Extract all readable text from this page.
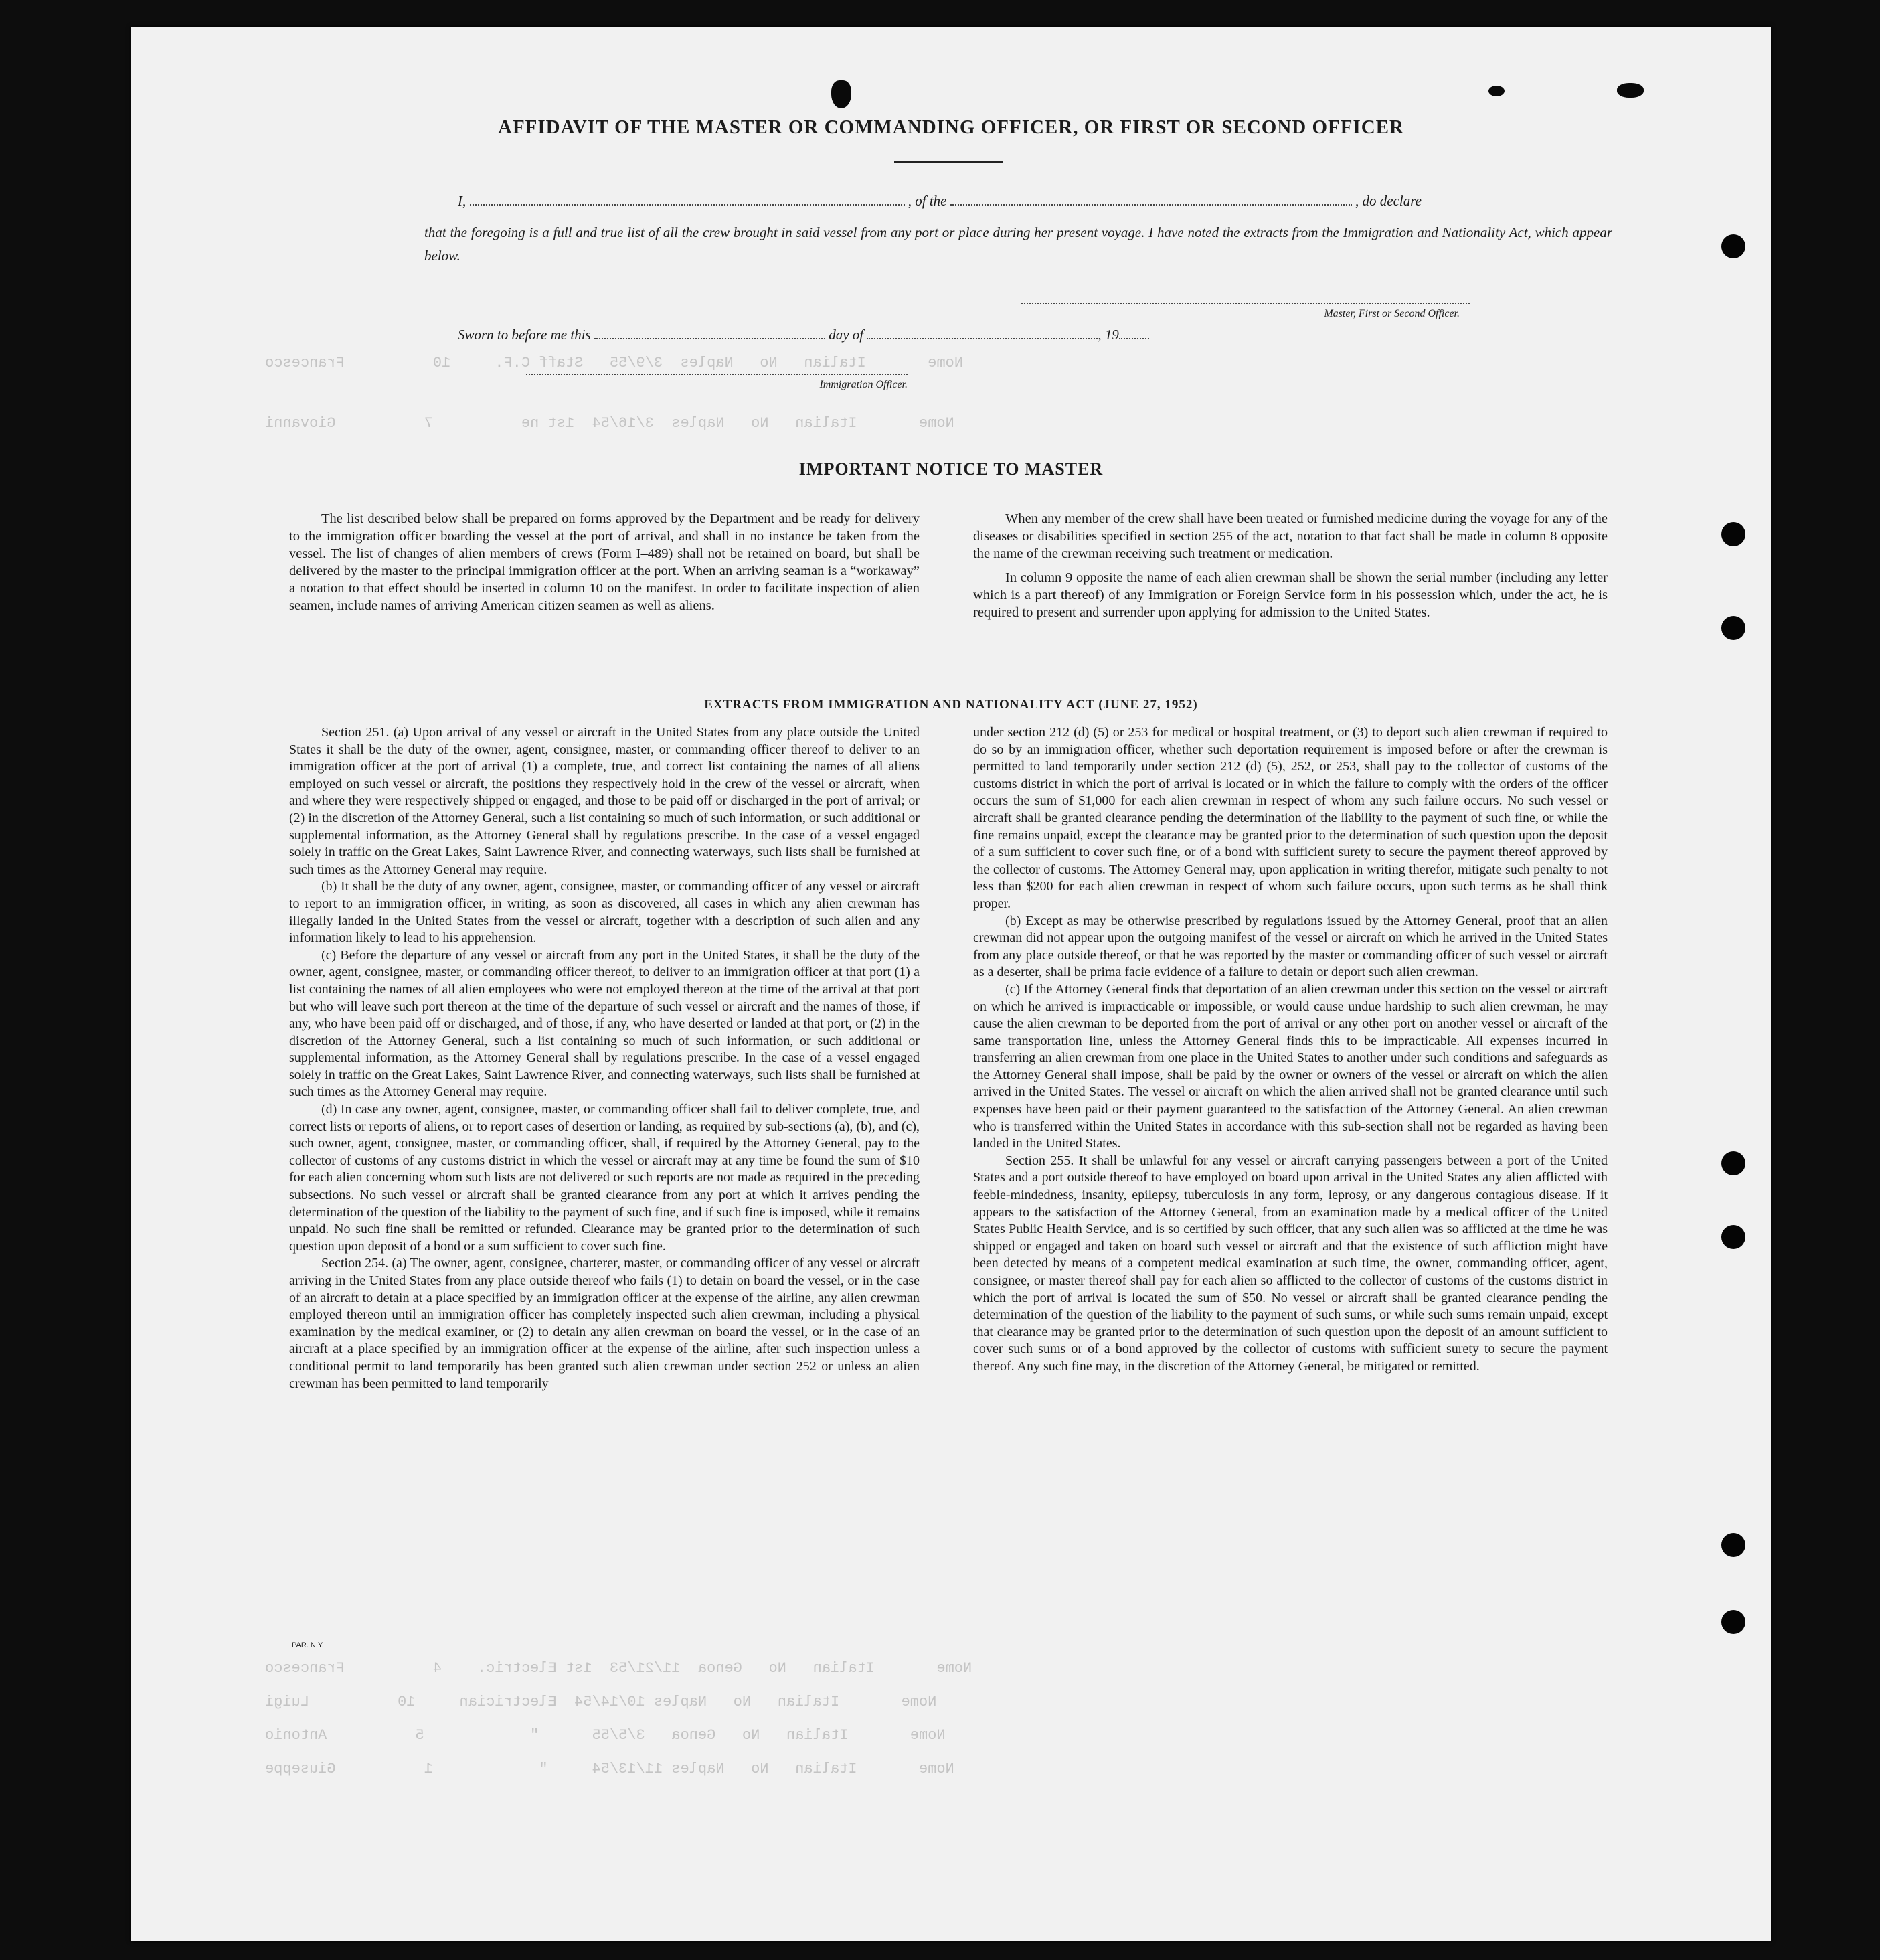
Nome       Italian   No   Naples  3/9/55   Staff C.F.     10          Francesco
Nome       Italian   No   Naples  3/16/54  1st ne          7          Giovanni
Nome       Italian   No   Genoa  11/21/53  1st Electric.    4          Francesco
Nome       Italian   No   Naples 10/14/54  Electrician     10          Luigi
Nome       Italian   No   Genoa   3/5/55      "            5          Antonio
Nome       Italian   No   Naples 11/13/54     "            1          Giuseppe
AFFIDAVIT OF THE MASTER OR COMMANDING OFFICER, OR FIRST OR SECOND OFFICER
I,	, of the	, do declare
that the foregoing is a full and true list of all the crew brought in said vessel from any port or place during her present voyage. I have noted the extracts from the Immigration and Nationality Act, which appear below.
Master, First or Second Officer.
Sworn to before me this	day of	, 19
Immigration Officer.
IMPORTANT NOTICE TO MASTER

The list described below shall be prepared on forms approved by the Department and be ready for delivery to the immigration officer boarding the vessel at the port of arrival, and shall in no instance be taken from the vessel. The list of changes of alien members of crews (Form I–489) shall not be retained on board, but shall be delivered by the master to the principal immigration officer at the port. When an arriving seaman is a “workaway” a notation to that effect should be inserted in column 10 on the manifest. In order to facilitate inspection of alien seamen, include names of arriving American citizen seamen as well as aliens.

When any member of the crew shall have been treated or furnished medicine during the voyage for any of the diseases or disabilities specified in section 255 of the act, notation to that fact shall be made in column 8 opposite the name of the crewman receiving such treatment or medication.

In column 9 opposite the name of each alien crewman shall be shown the serial number (including any letter which is a part thereof) of any Immigration or Foreign Service form in his possession which, under the act, he is required to present and surrender upon applying for admission to the United States.

EXTRACTS FROM IMMIGRATION AND NATIONALITY ACT (JUNE 27, 1952)

Section 251. (a) Upon arrival of any vessel or aircraft in the United States from any place outside the United States it shall be the duty of the owner, agent, consignee, master, or commanding officer thereof to deliver to an immigration officer at the port of arrival (1) a complete, true, and correct list containing the names of all aliens employed on such vessel or aircraft, the positions they respectively hold in the crew of the vessel or aircraft, when and where they were respectively shipped or engaged, and those to be paid off or discharged in the port of arrival; or (2) in the discretion of the Attorney General, such a list containing so much of such information, or such additional or supplemental information, as the Attorney General shall by regulations prescribe. In the case of a vessel engaged solely in traffic on the Great Lakes, Saint Lawrence River, and connecting waterways, such lists shall be furnished at such times as the Attorney General may require.

(b) It shall be the duty of any owner, agent, consignee, master, or commanding officer of any vessel or aircraft to report to an immigration officer, in writing, as soon as discovered, all cases in which any alien crewman has illegally landed in the United States from the vessel or aircraft, together with a description of such alien and any information likely to lead to his apprehension.

(c) Before the departure of any vessel or aircraft from any port in the United States, it shall be the duty of the owner, agent, consignee, master, or commanding officer thereof, to deliver to an immigration officer at that port (1) a list containing the names of all alien employees who were not employed thereon at the time of the arrival at that port but who will leave such port thereon at the time of the departure of such vessel or aircraft and the names of those, if any, who have been paid off or discharged, and of those, if any, who have deserted or landed at that port, or (2) in the discretion of the Attorney General, such a list containing so much of such information, or such additional or supplemental information, as the Attorney General shall by regulations prescribe. In the case of a vessel engaged solely in traffic on the Great Lakes, Saint Lawrence River, and connecting waterways, such lists shall be furnished at such times as the Attorney General may require.

(d) In case any owner, agent, consignee, master, or commanding officer shall fail to deliver complete, true, and correct lists or reports of aliens, or to report cases of desertion or landing, as required by sub-sections (a), (b), and (c), such owner, agent, consignee, master, or commanding officer, shall, if required by the Attorney General, pay to the collector of customs of any customs district in which the vessel or aircraft may at any time be found the sum of $10 for each alien concerning whom such lists are not delivered or such reports are not made as required in the preceding subsections. No such vessel or aircraft shall be granted clearance from any port at which it arrives pending the determination of the question of the liability to the payment of such fine, and if such fine is imposed, while it remains unpaid. No such fine shall be remitted or refunded. Clearance may be granted prior to the determination of such question upon deposit of a bond or a sum sufficient to cover such fine.

Section 254. (a) The owner, agent, consignee, charterer, master, or commanding officer of any vessel or aircraft arriving in the United States from any place outside thereof who fails (1) to detain on board the vessel, or in the case of an aircraft to detain at a place specified by an immigration officer at the expense of the airline, any alien crewman employed thereon until an immigration officer has completely inspected such alien crewman, including a physical examination by the medical examiner, or (2) to detain any alien crewman on board the vessel, or in the case of an aircraft at a place specified by an immigration officer at the expense of the airline, after such inspection unless a conditional permit to land temporarily has been granted such alien crewman under section 252 or unless an alien crewman has been permitted to land temporarily

under section 212 (d) (5) or 253 for medical or hospital treatment, or (3) to deport such alien crewman if required to do so by an immigration officer, whether such deportation requirement is imposed before or after the crewman is permitted to land temporarily under section 212 (d) (5), 252, or 253, shall pay to the collector of customs of the customs district in which the port of arrival is located or in which the failure to comply with the orders of the officer occurs the sum of $1,000 for each alien crewman in respect of whom any such failure occurs. No such vessel or aircraft shall be granted clearance pending the determination of the liability to the payment of such fine, or while the fine remains unpaid, except the clearance may be granted prior to the determination of such question upon the deposit of a sum sufficient to cover such fine, or of a bond with sufficient surety to secure the payment thereof approved by the collector of customs. The Attorney General may, upon application in writing therefor, mitigate such penalty to not less than $200 for each alien crewman in respect of whom such failure occurs, upon such terms as he shall think proper.

(b) Except as may be otherwise prescribed by regulations issued by the Attorney General, proof that an alien crewman did not appear upon the outgoing manifest of the vessel or aircraft on which he arrived in the United States from any place outside thereof, or that he was reported by the master or commanding officer of such vessel or aircraft as a deserter, shall be prima facie evidence of a failure to detain or deport such alien crewman.

(c) If the Attorney General finds that deportation of an alien crewman under this section on the vessel or aircraft on which he arrived is impracticable or impossible, or would cause undue hardship to such alien crewman, he may cause the alien crewman to be deported from the port of arrival or any other port on another vessel or aircraft of the same transportation line, unless the Attorney General finds this to be impracticable. All expenses incurred in transferring an alien crewman from one place in the United States to another under such conditions and safeguards as the Attorney General shall impose, shall be paid by the owner or owners of the vessel or aircraft on which the alien arrived in the United States. The vessel or aircraft on which the alien arrived shall not be granted clearance until such expenses have been paid or their payment guaranteed to the satisfaction of the Attorney General. An alien crewman who is transferred within the United States in accordance with this sub-section shall not be regarded as having been landed in the United States.

Section 255. It shall be unlawful for any vessel or aircraft carrying passengers between a port of the United States and a port outside thereof to have employed on board upon arrival in the United States any alien afflicted with feeble-mindedness, insanity, epilepsy, tuberculosis in any form, leprosy, or any dangerous contagious disease. If it appears to the satisfaction of the Attorney General, from an examination made by a medical officer of the United States Public Health Service, and is so certified by such officer, that any such alien was so afflicted at the time he was shipped or engaged and taken on board such vessel or aircraft and that the existence of such affliction might have been detected by means of a competent medical examination at such time, the owner, commanding officer, agent, consignee, or master thereof shall pay for each alien so afflicted to the collector of customs of the customs district in which the port of arrival is located the sum of $50. No vessel or aircraft shall be granted clearance pending the determination of the question of the liability to the payment of such sums, or while such sums remain unpaid, except that clearance may be granted prior to the determination of such question upon the deposit of an amount sufficient to cover such sums or of a bond approved by the collector of customs with sufficient surety to secure the payment thereof. Any such fine may, in the discretion of the Attorney General, be mitigated or remitted.

PAR. N.Y.
